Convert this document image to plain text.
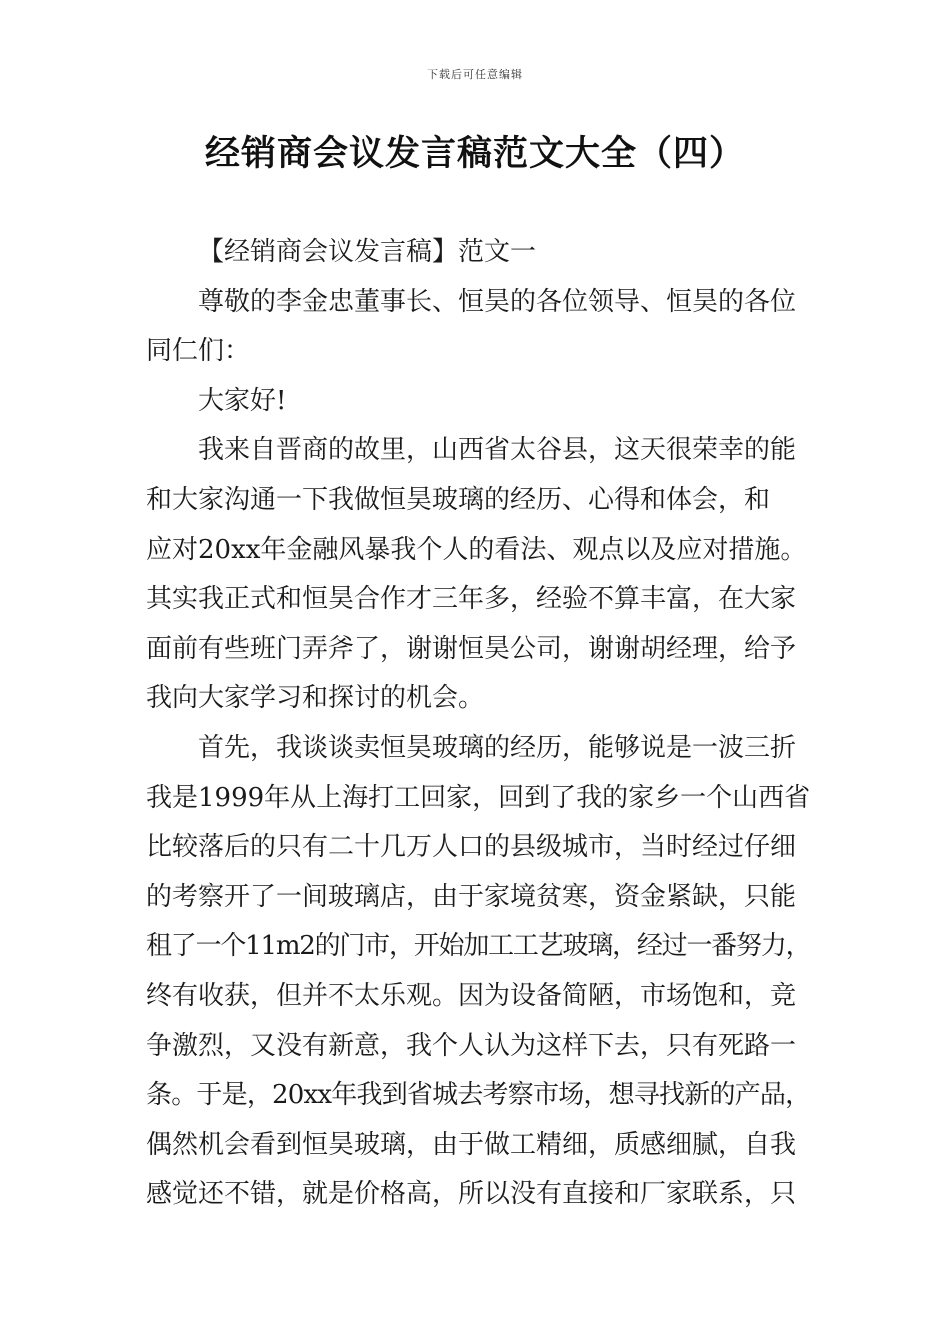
下载后可任意编辑
经销商会议发言稿范文大全（四）
【经销商会议发言稿】范文一
尊敬的李金忠董事长、恒昊的各位领导、恒昊的各位
同仁们：
大家好!
我来自晋商的故里，山西省太谷县，这天很荣幸的能
和大家沟通一下我做恒昊玻璃的经历、心得和体会，和
应对20xx年金融风暴我个人的看法、观点以及应对措施。
其实我正式和恒昊合作才三年多，经验不算丰富，在大家
面前有些班门弄斧了，谢谢恒昊公司，谢谢胡经理，给予
我向大家学习和探讨的机会。
首先，我谈谈卖恒昊玻璃的经历，能够说是一波三折
我是1999年从上海打工回家，回到了我的家乡一个山西省
比较落后的只有二十几万人口的县级城市，当时经过仔细
的考察开了一间玻璃店，由于家境贫寒，资金紧缺，只能
租了一个11m2的门市，开始加工工艺玻璃，经过一番努力，
终有收获，但并不太乐观。因为设备简陋，市场饱和，竞
争激烈，又没有新意，我个人认为这样下去，只有死路一
条。于是，20xx年我到省城去考察市场，想寻找新的产品，
偶然机会看到恒昊玻璃，由于做工精细，质感细腻，自我
感觉还不错，就是价格高，所以没有直接和厂家联系，只
